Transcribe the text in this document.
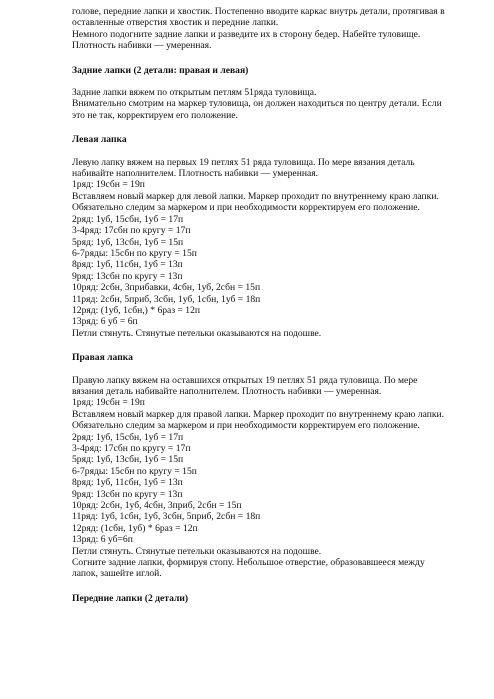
голове, передние лапки и хвостик. Постепенно вводите каркас внутрь детали, протягивая в
оставленные отверстия хвостик и передние лапки.
Немного подогните задние лапки и разведите их в сторону бедер. Набейте туловище.
Плотность набивки — умеренная.
Задние лапки (2 детали: правая и левая)
Задние лапки вяжем по открытым петлям 51ряда туловища.
Внимательно смотрим на маркер туловища, он должен находиться по центру детали. Если
это не так, корректируем его положение.
Левая лапка
Левую лапку вяжем на первых 19 петлях 51 ряда туловища. По мере вязания деталь
набивайте наполнителем. Плотность набивки — умеренная.
1ряд: 19сбн = 19п
Вставляем новый маркер для левой лапки. Маркер проходит по внутреннему краю лапки.
Обязательно следим за маркером и при необходимости корректируем его положение.
2ряд: 1уб, 15сбн, 1уб = 17п
3-4ряд: 17сбн по кругу = 17п
5ряд: 1уб, 13сбн, 1уб = 15п
6-7ряды: 15сбн по кругу = 15п
8ряд: 1уб, 11сбн, 1уб = 13п
9ряд: 13сбн по кругу = 13п
10ряд: 2сбн, 3прибавки, 4сбн, 1уб, 2сбн = 15п
11ряд: 2сбн, 5приб, 3сбн, 1уб, 1сбн, 1уб = 18п
12ряд: (1уб, 1сбн,) * 6раз = 12п
13ряд: 6 уб = 6п
Петли стянуть. Стянутые петельки оказываются на подошве.
Правая лапка
Правую лапку вяжем на оставшихся открытых 19 петлях 51 ряда туловища. По мере
вязания деталь набивайте наполнителем. Плотность набивки — умеренная.
1ряд: 19сбн = 19п
Вставляем новый маркер для правой лапки. Маркер проходит по внутреннему краю лапки.
Обязательно следим за маркером и при необходимости корректируем его положение.
2ряд: 1уб, 15сбн, 1уб = 17п
3-4ряд: 17сбн по кругу = 17п
5ряд: 1уб, 13сбн, 1уб = 15п
6-7ряды: 15сбн по кругу = 15п
8ряд: 1уб, 11сбн, 1уб = 13п
9ряд: 13сбн по кругу = 13п
10ряд: 2сбн, 1уб, 4сбн, 3приб, 2сбн = 15п
11ряд: 1уб, 1сбн, 1уб, 3сбн, 5приб, 2сбн = 18п
12ряд: (1сбн, 1уб) * 6раз = 12п
13ряд: 6 уб=6п
Петли стянуть. Стянутые петельки оказываются на подошве.
Согните задние лапки, формируя стопу. Небольшое отверстие, образовавшееся между
лапок, зашейте иглой.
Передние лапки (2 детали)
